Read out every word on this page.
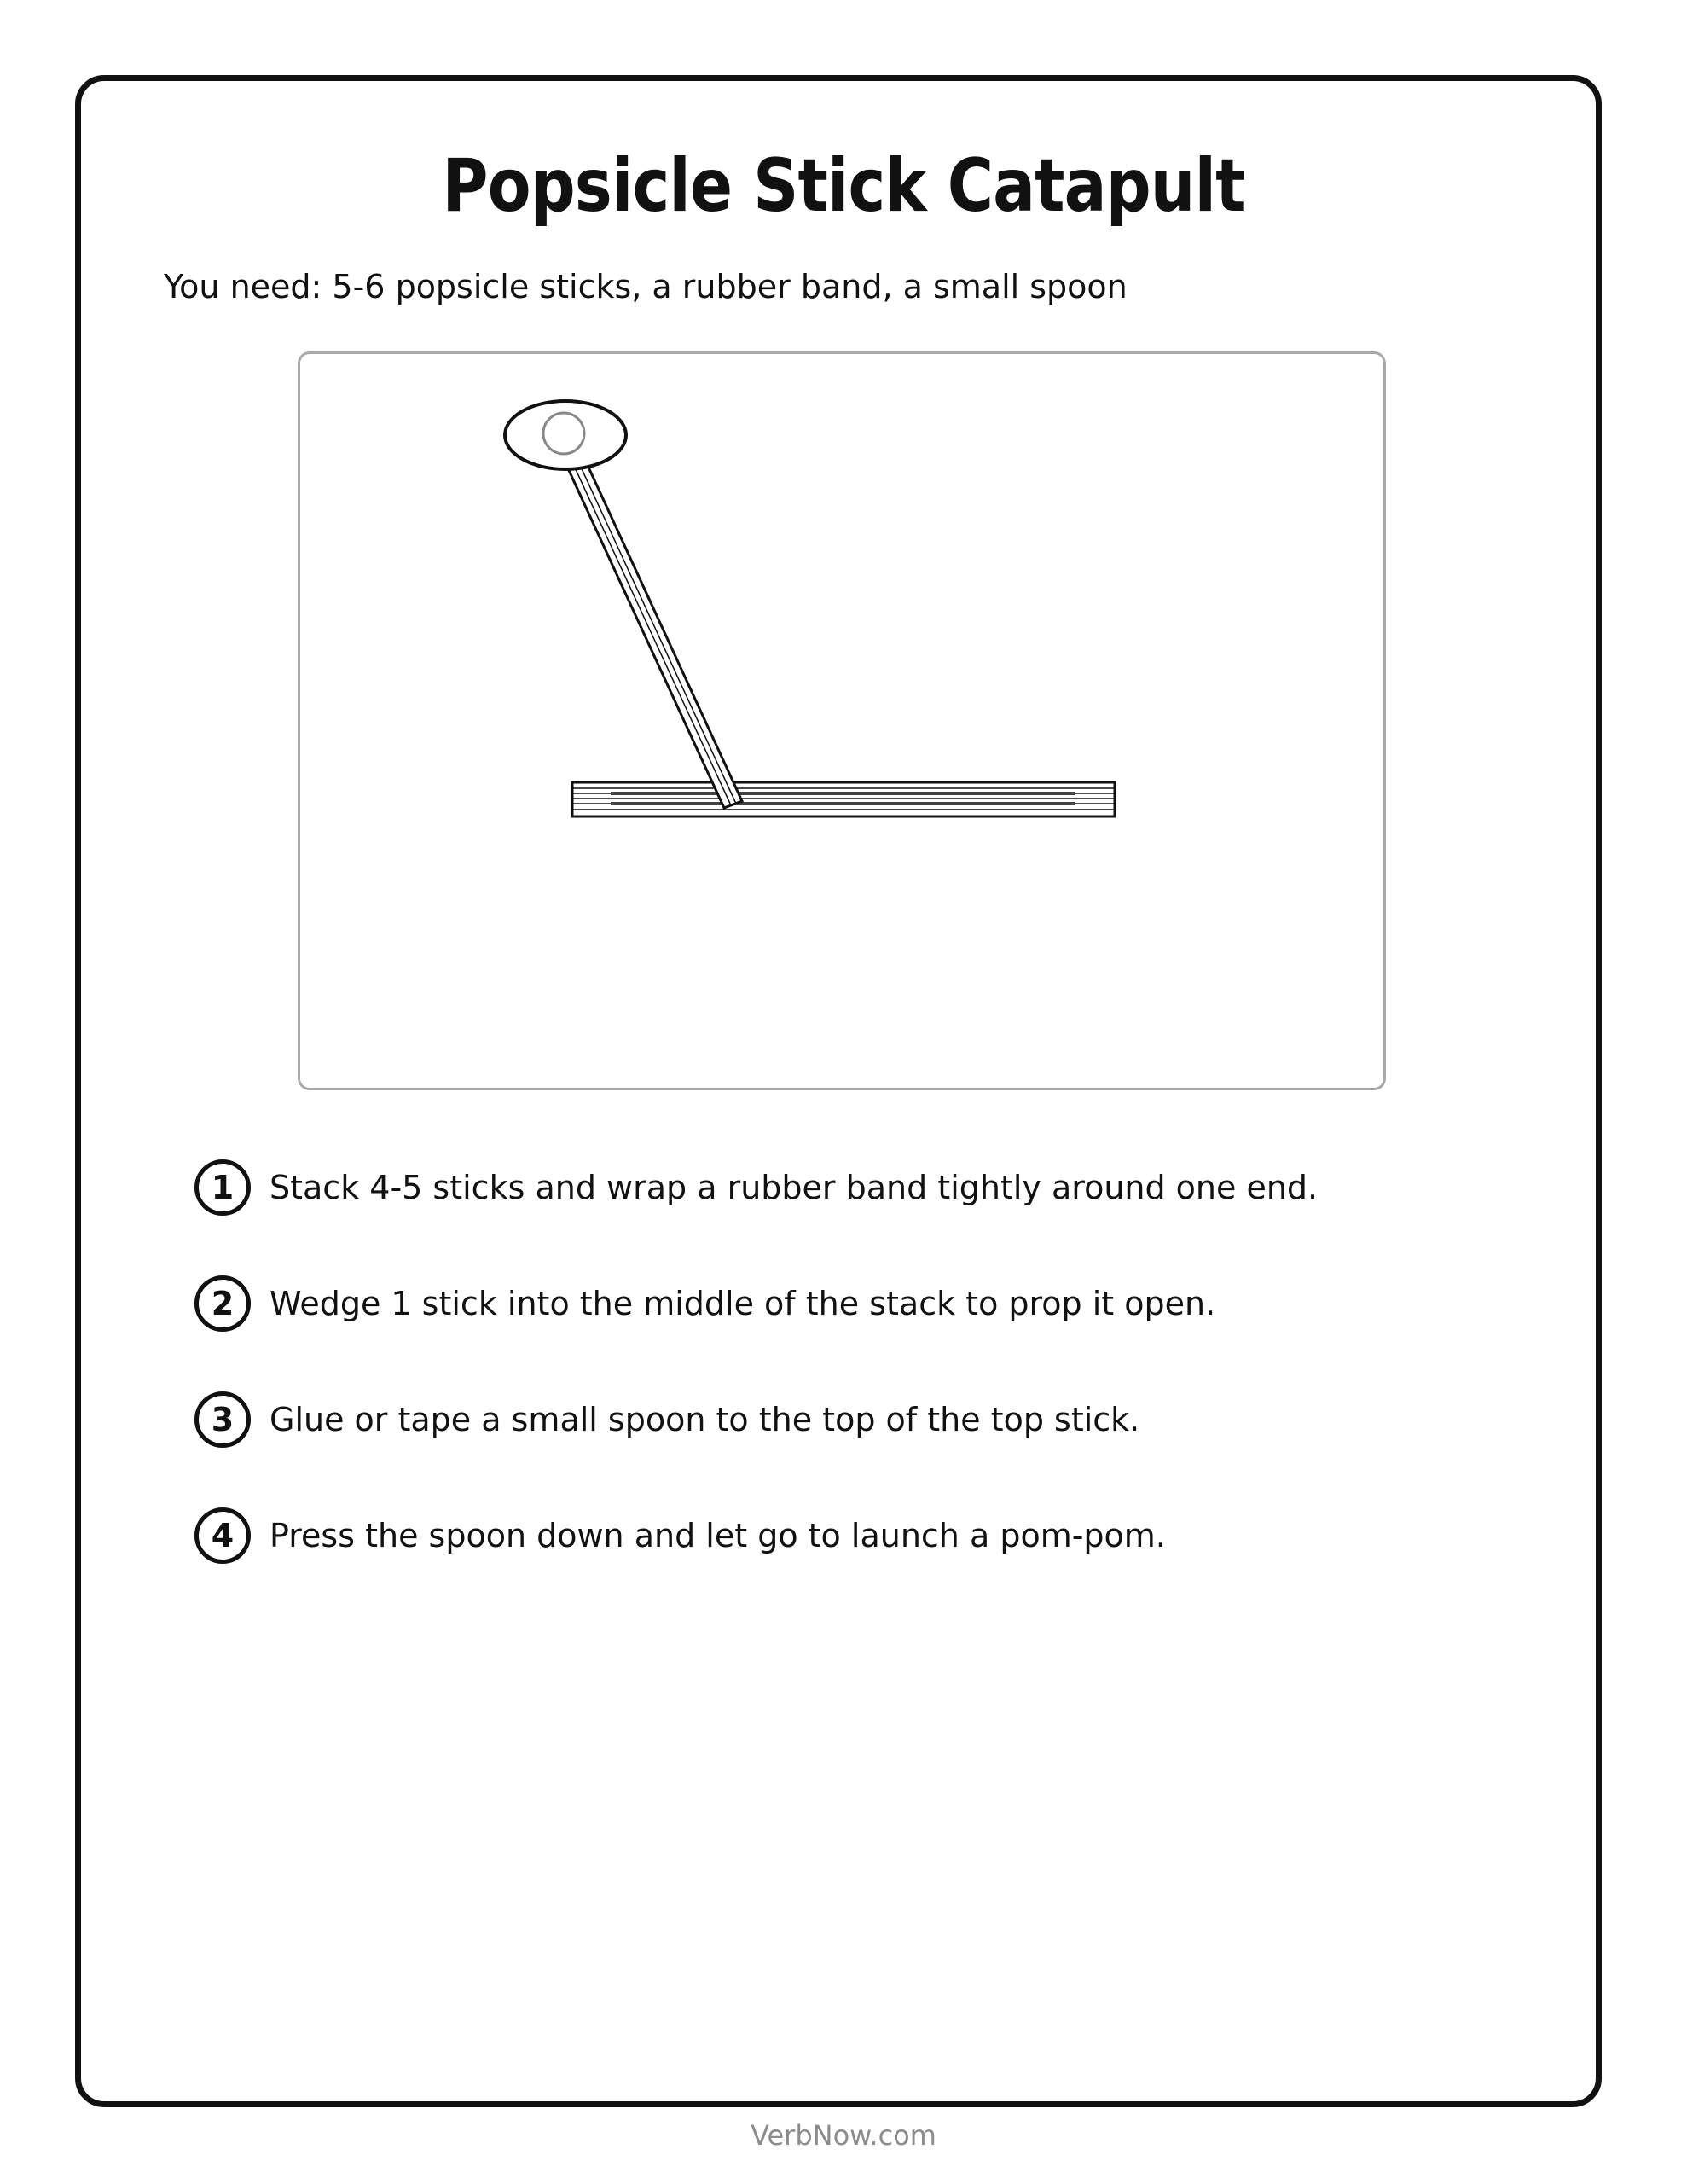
Popsicle Stick Catapult

You need: 5-6 popsicle sticks, a rubber band, a small spoon

1	Stack 4-5 sticks and wrap a rubber band tightly around one end.
2	Wedge 1 stick into the middle of the stack to prop it open.
3	Glue or tape a small spoon to the top of the top stick.
4	Press the spoon down and let go to launch a pom-pom.
VerbNow.com
